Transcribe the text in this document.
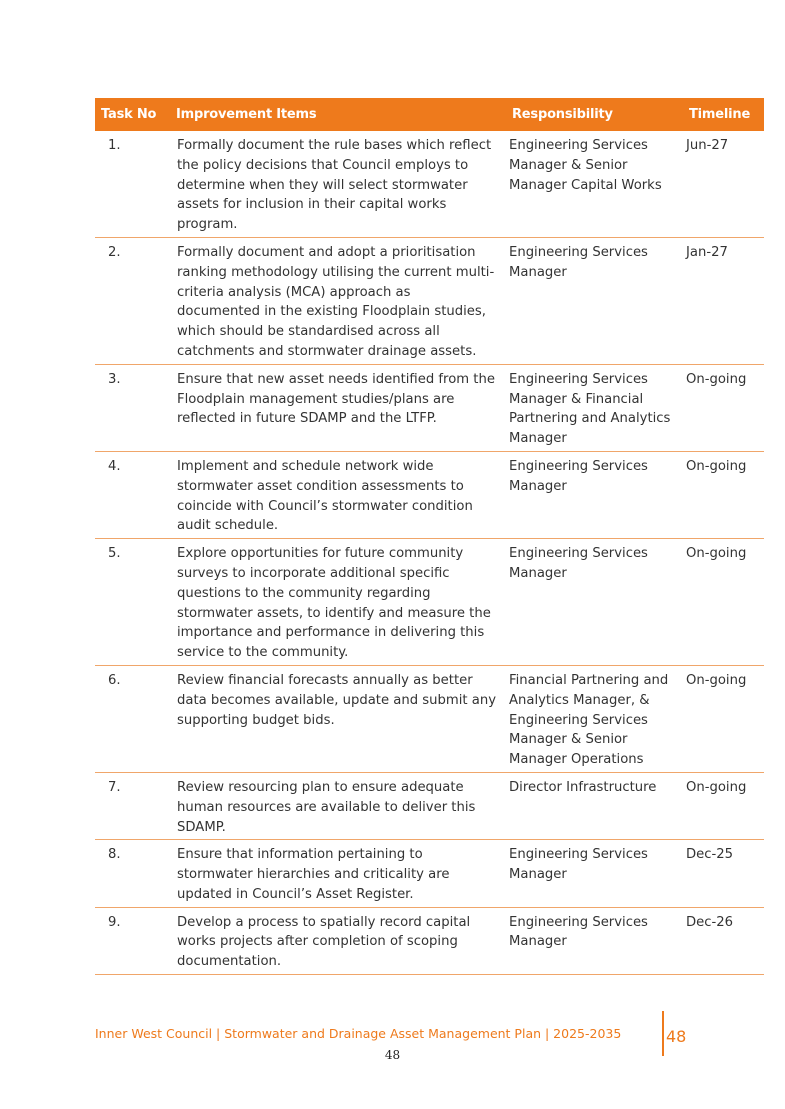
Task No	Improvement Items	Responsibility	Timeline
1.	Formally document the rule bases which reflect the policy decisions that Council employs to determine when they will select stormwater assets for inclusion in their capital works program.	Engineering Services Manager & Senior Manager Capital Works	Jun-27
2.	Formally document and adopt a prioritisation ranking methodology utilising the current multi-criteria analysis (MCA) approach as documented in the existing Floodplain studies, which should be standardised across all catchments and stormwater drainage assets.	Engineering Services Manager	Jan-27
3.	Ensure that new asset needs identified from the Floodplain management studies/plans are reflected in future SDAMP and the LTFP.	Engineering Services Manager & Financial Partnering and Analytics Manager	On-going
4.	Implement and schedule network wide stormwater asset condition assessments to coincide with Council’s stormwater condition audit schedule.	Engineering Services Manager	On-going
5.	Explore opportunities for future community surveys to incorporate additional specific questions to the community regarding stormwater assets, to identify and measure the importance and performance in delivering this service to the community.	Engineering Services Manager	On-going
6.	Review financial forecasts annually as better data becomes available, update and submit any supporting budget bids.	Financial Partnering and Analytics Manager, & Engineering Services Manager & Senior Manager Operations	On-going
7.	Review resourcing plan to ensure adequate human resources are available to deliver this SDAMP.	Director Infrastructure	On-going
8.	Ensure that information pertaining to stormwater hierarchies and criticality are updated in Council’s Asset Register.	Engineering Services Manager	Dec-25
9.	Develop a process to spatially record capital works projects after completion of scoping documentation.	Engineering Services Manager	Dec-26
Inner West Council | Stormwater and Drainage Asset Management Plan | 2025-2035	48
48
